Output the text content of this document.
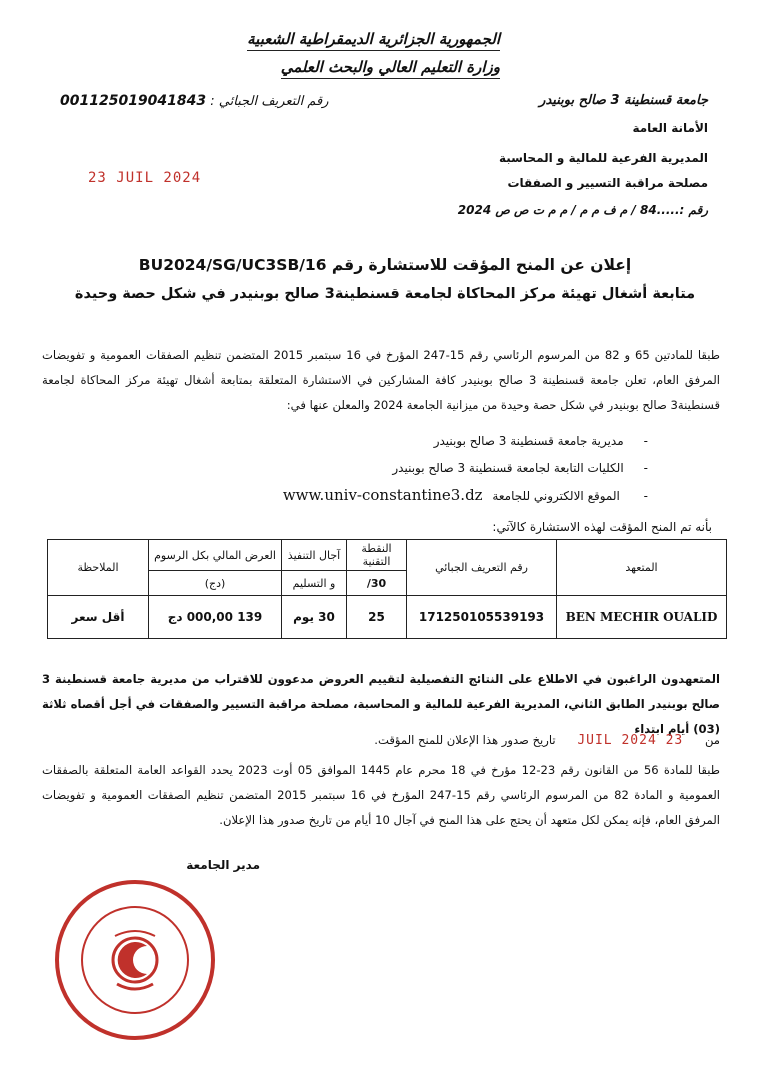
الجمهورية الجزائرية الديمقراطية الشعبية
وزارة التعليم العالي والبحث العلمي
جامعة قسنطينة 3 صالح بوبنيدر
الأمانة العامة
المديرية الفرعية للمالية و المحاسبة
مصلحة مراقبة التسيير و الصفقات
رقم :.....84 / م ف م م / م م ت ص ص 2024
رقم التعريف الجبائي : 001125019041843
23 JUIL 2024
إعلان عن المنح المؤقت للاستشارة رقم BU2024/SG/UC3SB/16
متابعة أشغال تهيئة مركز المحاكاة لجامعة قسنطينة3 صالح بوبنيدر في شكل حصة وحيدة
طبقا للمادتين 65 و 82 من المرسوم الرئاسي رقم 15-247 المؤرخ في 16 سبتمبر 2015 المتضمن تنظيم الصفقات العمومية و تفويضات المرفق العام، تعلن جامعة قسنطينة 3 صالح بوبنيدر كافة المشاركين في الاستشارة المتعلقة بمتابعة أشغال تهيئة مركز المحاكاة لجامعة قسنطينة3 صالح بوبنيدر في شكل حصة وحيدة من ميزانية الجامعة 2024 والمعلن عنها في:
- مديرية جامعة قسنطينة 3 صالح بوبنيدر
- الكليات التابعة لجامعة قسنطينة 3 صالح بوبنيدر
- الموقع الالكتروني للجامعة www.univ-constantine3.dz
بأنه تم المنح المؤقت لهذه الاستشارة كالآتي:
المتعهد	رقم التعريف الجبائي	النقطة التقنية	آجال التنفيذ	العرض المالي بكل الرسوم	الملاحظة
		30/	و التسليم	(دج)	
BEN MECHIR OUALID	171250105539193	25	30 يوم	139 000,00 دج	أقل سعر
المتعهدون الراغبون في الاطلاع على النتائج التفصيلية لتقييم العروض مدعوون للاقتراب من مديرية جامعة قسنطينة 3 صالح بوبنيدر الطابق الثاني، المديرية الفرعية للمالية و المحاسبة، مصلحة مراقبة التسيير والصفقات في أجل أقصاه ثلاثة (03) أيام ابتداء
من 23 JUIL 2024 تاريخ صدور هذا الإعلان للمنح المؤقت.
طبقا للمادة 56 من القانون رقم 23-12 مؤرخ في 18 محرم عام 1445 الموافق 05 أوت 2023 يحدد القواعد العامة المتعلقة بالصفقات العمومية و المادة 82 من المرسوم الرئاسي رقم 15-247 المؤرخ في 16 سبتمبر 2015 المتضمن تنظيم الصفقات العمومية و تفويضات المرفق العام، فإنه يمكن لكل متعهد أن يحتج على هذا المنح في آجال 10 أيام من تاريخ صدور هذا الإعلان.
مدير الجامعة
